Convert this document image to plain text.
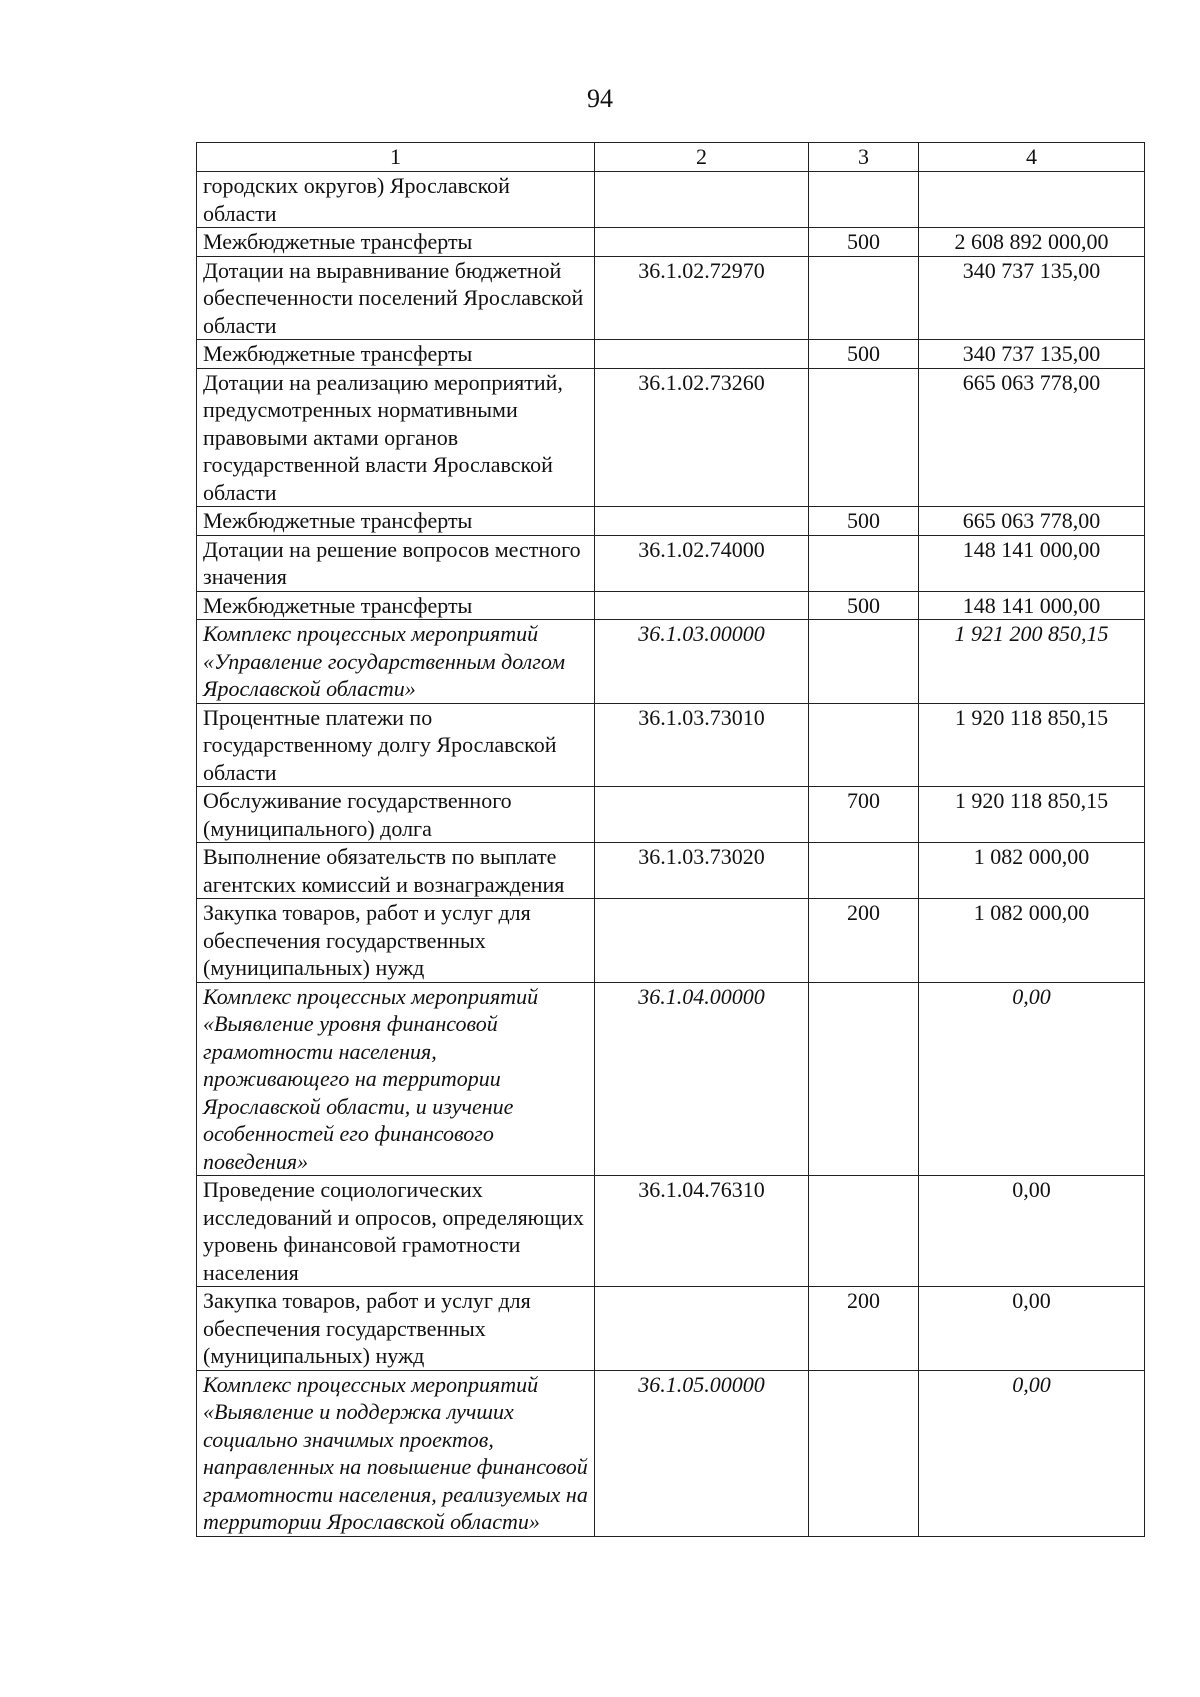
94
1	2	3	4
городских округов) Ярославской области			
Межбюджетные трансферты		500	2 608 892 000,00
Дотации на выравнивание бюджетной обеспеченности поселений Ярославской области	36.1.02.72970		340 737 135,00
Межбюджетные трансферты		500	340 737 135,00
Дотации на реализацию мероприятий, предусмотренных нормативными правовыми актами органов государственной власти Ярославской области	36.1.02.73260		665 063 778,00
Межбюджетные трансферты		500	665 063 778,00
Дотации на решение вопросов местного значения	36.1.02.74000		148 141 000,00
Межбюджетные трансферты		500	148 141 000,00
Комплекс процессных мероприятий «Управление государственным долгом Ярославской области»	36.1.03.00000		1 921 200 850,15
Процентные платежи по государственному долгу Ярославской области	36.1.03.73010		1 920 118 850,15
Обслуживание государственного (муниципального) долга		700	1 920 118 850,15
Выполнение обязательств по выплате агентских комиссий и вознаграждения	36.1.03.73020		1 082 000,00
Закупка товаров, работ и услуг для обеспечения государственных (муниципальных) нужд		200	1 082 000,00
Комплекс процессных мероприятий «Выявление уровня финансовой грамотности населения, проживающего на территории Ярославской области, и изучение особенностей его финансового поведения»	36.1.04.00000		0,00
Проведение социологических исследований и опросов, определяющих уровень финансовой грамотности населения	36.1.04.76310		0,00
Закупка товаров, работ и услуг для обеспечения государственных (муниципальных) нужд		200	0,00
Комплекс процессных мероприятий «Выявление и поддержка лучших социально значимых проектов, направленных на повышение финансовой грамотности населения, реализуемых на территории Ярославской области»	36.1.05.00000		0,00
